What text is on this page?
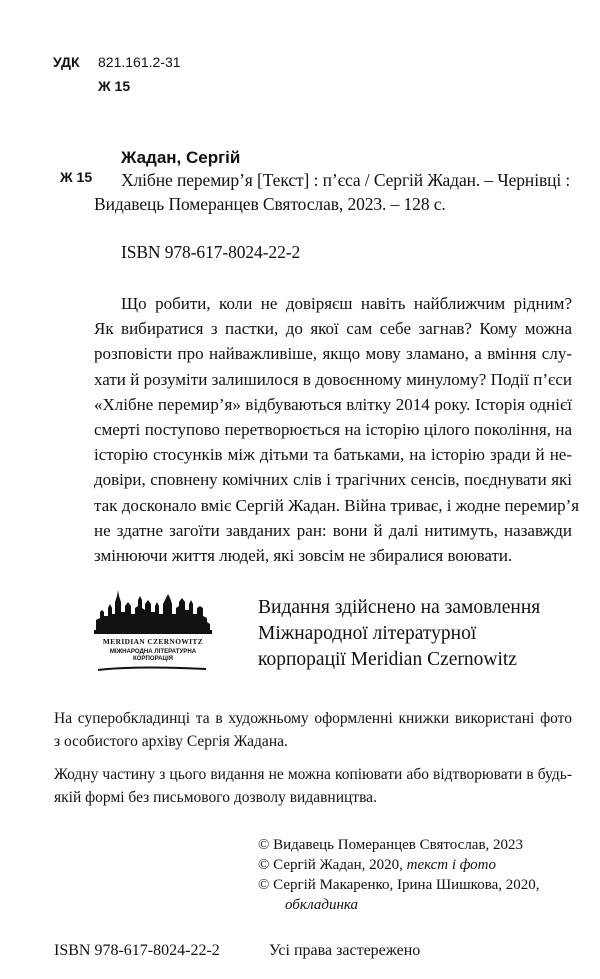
УДК 821.161.2-31
Ж 15
Ж 15
Жадан, Сергій
Хлібне перемир’я [Текст] : п’єса / Сергій Жадан. – Чернівці :
Видавець Померанцев Святослав, 2023. – 128 с.
ISBN 978-617-8024-22-2
Що робити, коли не довіряєш навіть найближчим рідним?
Як вибиратися з пастки, до якої сам себе загнав? Кому можна
розповісти про найважливіше, якщо мову зламано, а вміння слу-
хати й розуміти залишилося в довоєнному минулому? Події п’єси
«Хлібне перемир’я» відбуваються влітку 2014 року. Історія однієї
смерті поступово перетворюється на історію цілого покоління, на
історію стосунків між дітьми та батьками, на історію зради й не-
довіри, сповнену комічних слів і трагічних сенсів, поєднувати які
так досконало вміє Сергій Жадан. Війна триває, і жодне перемир’я
не здатне загоїти завданих ран: вони й далі нитимуть, назавжди
змінюючи життя людей, які зовсім не збиралися воювати.
MERIDIAN CZERNOWITZ
МІЖНАРОДНА ЛІТЕРАТУРНА
КОРПОРАЦІЯ
Видання здійснено на замовлення
Міжнародної літературної
корпорації Meridian Czernowitz
На суперобкладинці та в художньому оформленні книжки використані фото
з особистого архіву Сергія Жадана.
Жодну частину з цього видання не можна копіювати або відтворювати в будь-
якій формі без письмового дозволу видавництва.
© Видавець Померанцев Святослав, 2023
© Сергій Жадан, 2020, текст і фото
© Сергій Макаренко, Ірина Шишкова, 2020,
обкладинка
ISBN 978-617-8024-22-2	Усі права застережено
